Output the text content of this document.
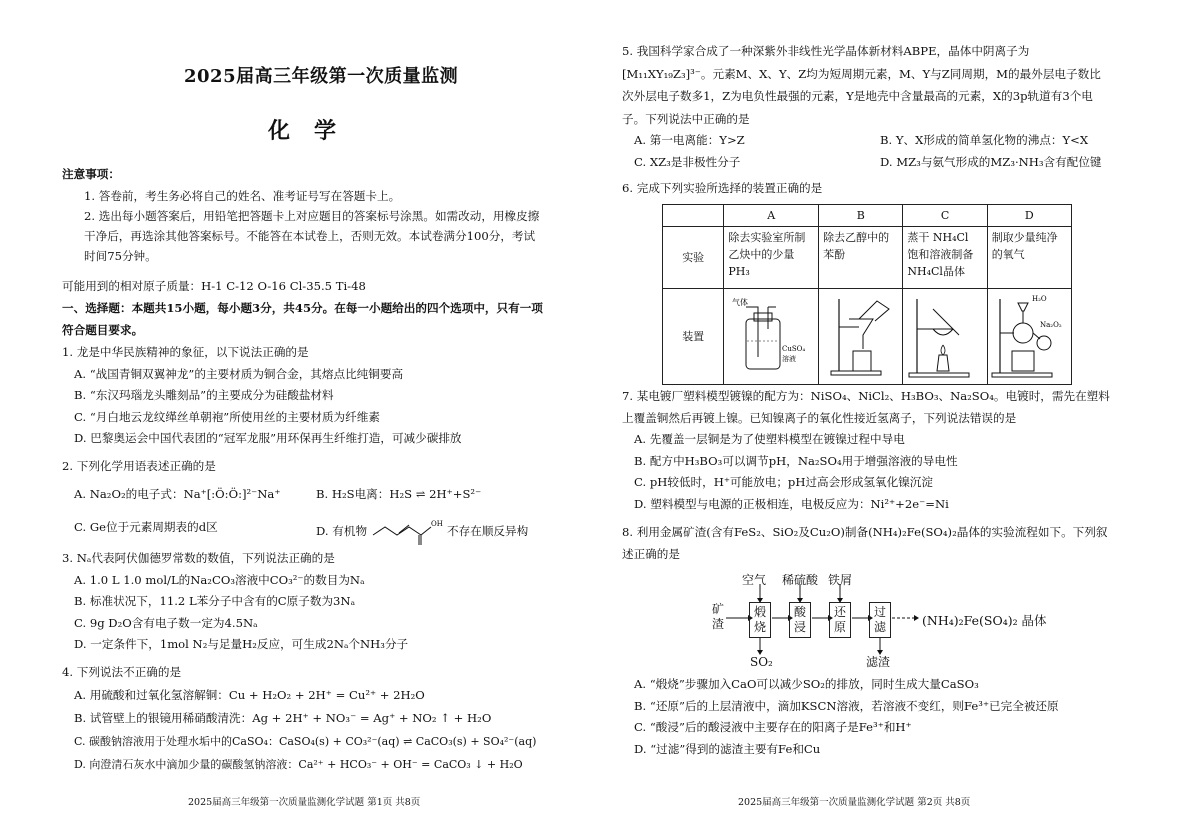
2025届高三年级第一次质量监测
化学
注意事项：
1. 答卷前，考生务必将自己的姓名、准考证号写在答题卡上。
2. 选出每小题答案后，用铅笔把答题卡上对应题目的答案标号涂黑。如需改动，用橡皮擦干净后，再选涂其他答案标号。不能答在本试卷上，否则无效。本试卷满分100分，考试时间75分钟。
可能用到的相对原子质量：H-1 C-12 O-16 Cl-35.5 Ti-48
一、选择题：本题共15小题，每小题3分，共45分。在每一小题给出的四个选项中，只有一项符合题目要求。
1. 龙是中华民族精神的象征，以下说法正确的是
A. “战国青铜双翼神龙”的主要材质为铜合金，其熔点比纯铜要高
B. “东汉玛瑙龙头雕刻品”的主要成分为硅酸盐材料
C. “月白地云龙纹缂丝单朝袍”所使用丝的主要材质为纤维素
D. 巴黎奥运会中国代表团的“冠军龙服”用环保再生纤维打造，可减少碳排放
2. 下列化学用语表述正确的是
A. Na₂O₂的电子式：Na⁺[:Ö:Ö:]²⁻Na⁺	B. H₂S电离：H₂S ⇌ 2H⁺+S²⁻
C. Ge位于元素周期表的d区	D. 有机物
OH
不存在顺反异构
3. Nₐ代表阿伏伽德罗常数的数值，下列说法正确的是
A. 1.0 L 1.0 mol/L的Na₂CO₃溶液中CO₃²⁻的数目为Nₐ
B. 标准状况下，11.2 L苯分子中含有的C原子数为3Nₐ
C. 9g D₂O含有电子数一定为4.5Nₐ
D. 一定条件下，1mol N₂与足量H₂反应，可生成2Nₐ个NH₃分子
4. 下列说法不正确的是
A. 用硫酸和过氧化氢溶解铜：Cu + H₂O₂ + 2H⁺ = Cu²⁺ + 2H₂O
B. 试管壁上的银镜用稀硝酸清洗：Ag + 2H⁺ + NO₃⁻ = Ag⁺ + NO₂ ↑ + H₂O
C. 碳酸钠溶液用于处理水垢中的CaSO₄：CaSO₄(s) + CO₃²⁻(aq) ⇌ CaCO₃(s) + SO₄²⁻(aq)
D. 向澄清石灰水中滴加少量的碳酸氢钠溶液：Ca²⁺ + HCO₃⁻ + OH⁻ = CaCO₃ ↓ + H₂O
2025届高三年级第一次质量监测化学试题 第1页 共8页
5. 我国科学家合成了一种深紫外非线性光学晶体新材料ABPE，晶体中阴离子为[M₁₁XY₁₉Z₃]³⁻。元素M、X、Y、Z均为短周期元素，M、Y与Z同周期，M的最外层电子数比次外层电子数多1，Z为电负性最强的元素，Y是地壳中含量最高的元素，X的3p轨道有3个电子。下列说法中正确的是
A. 第一电离能：Y>Z	B. Y、X形成的简单氢化物的沸点：Y<X
C. XZ₃是非极性分子	D. MZ₃与氨气形成的MZ₃·NH₃含有配位键
6. 完成下列实验所选择的装置正确的是
	A	B	C	D
实验	除去实验室所制乙炔中的少量PH₃	除去乙醇中的苯酚	蒸干 NH₄Cl 饱和溶液制备NH₄Cl晶体	制取少量纯净的氧气
装置	气体
CuSO₄
溶液			H₂O
Na₂O₂
7. 某电镀厂塑料模型镀镍的配方为：NiSO₄、NiCl₂、H₃BO₃、Na₂SO₄。电镀时，需先在塑料上覆盖铜然后再镀上镍。已知镍离子的氧化性接近氢离子，下列说法错误的是
A. 先覆盖一层铜是为了使塑料模型在镀镍过程中导电
B. 配方中H₃BO₃可以调节pH，Na₂SO₄用于增强溶液的导电性
C. pH较低时，H⁺可能放电；pH过高会形成氢氧化镍沉淀
D. 塑料模型与电源的正极相连，电极反应为：Ni²⁺+2e⁻=Ni
8. 利用金属矿渣(含有FeS₂、SiO₂及Cu₂O)制备(NH₄)₂Fe(SO₄)₂晶体的实验流程如下。下列叙述正确的是
矿渣
空气 稀硫酸 铁屑
煅烧
酸浸
还原
过滤	(NH₄)₂Fe(SO₄)₂ 晶体
SO₂	滤渣
A. “煅烧”步骤加入CaO可以减少SO₂的排放，同时生成大量CaSO₃
B. “还原”后的上层清液中，滴加KSCN溶液，若溶液不变红，则Fe³⁺已完全被还原
C. “酸浸”后的酸浸液中主要存在的阳离子是Fe³⁺和H⁺
D. “过滤”得到的滤渣主要有Fe和Cu
2025届高三年级第一次质量监测化学试题 第2页 共8页
